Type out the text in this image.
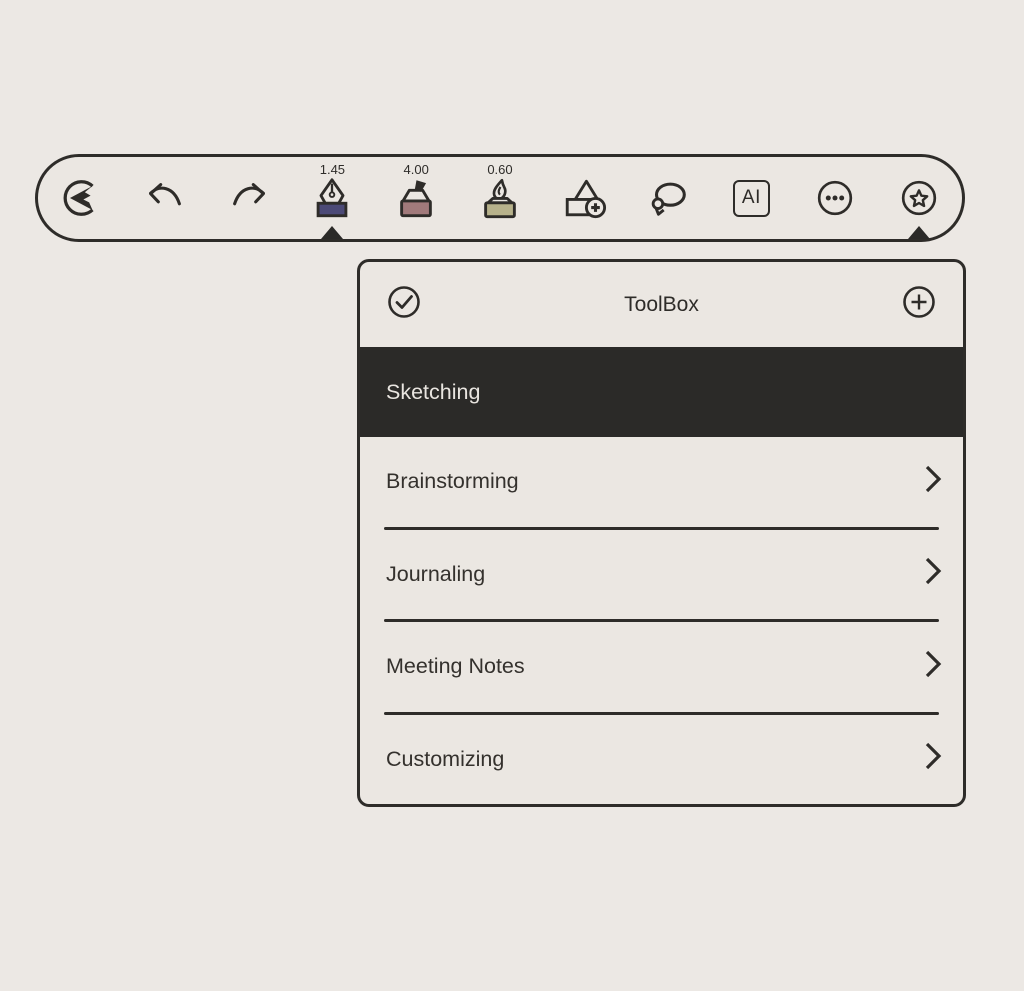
1.45	4.00	0.60
AI
ToolBox
Sketching
Brainstorming
Journaling
Meeting Notes
Customizing
